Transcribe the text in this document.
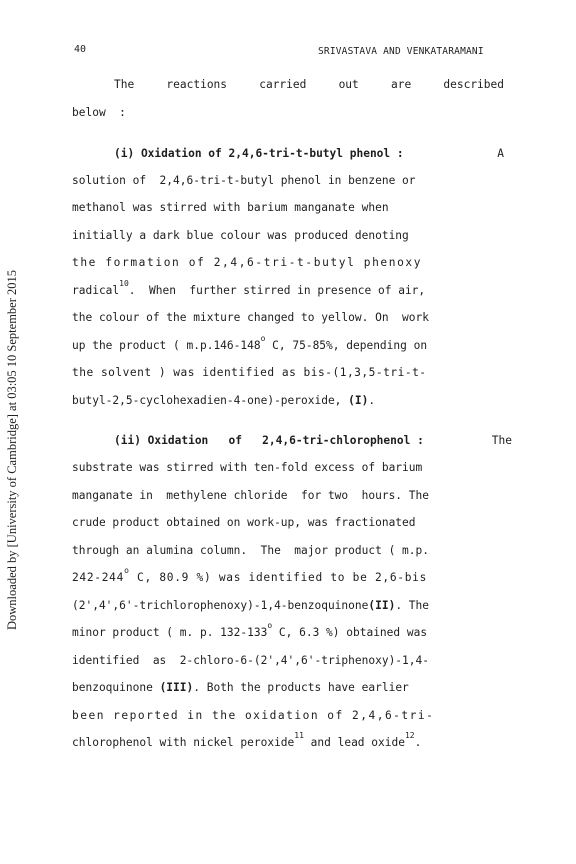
40	SRIVASTAVA AND VENKATARAMANI
Downloaded by [University of Cambridge] at 03:05 10 September 2015
The	reactions	carried	out	are	described
below  :
(i) Oxidation of 2,4,6-tri-t-butyl phenol :	A
solution of  2,4,6-tri-t-butyl phenol in benzene or
methanol was stirred with barium manganate when
initially a dark blue colour was produced denoting
the formation of 2,4,6-tri-t-butyl phenoxy
radical
10
.  When  further stirred in presence of air,
the colour of the mixture changed to yellow. On  work
up the product ( m.p.146-148
o
C, 75-85%, depending on
the solvent ) was identified as bis-(1,3,5-tri-t-
butyl-2,5-cyclohexadien-4-one)-peroxide, (I) .
(ii) Oxidation   of   2,4,6-tri-chlorophenol :	The
substrate was stirred with ten-fold excess of barium
manganate in  methylene chloride  for two  hours. The
crude product obtained on work-up, was fractionated
through an alumina column.  The  major product ( m.p.
242-244
o
C, 80.9 %) was identified to be 2,6-bis
(2',4',6'-trichlorophenoxy)-1,4-benzoquinone (II) . The
minor product ( m. p. 132-133
o
C, 6.3 %) obtained was
identified  as  2-chloro-6-(2',4',6'-triphenoxy)-1,4-
benzoquinone (III) . Both the products have earlier
been reported in the oxidation of 2,4,6-tri-
chlorophenol with nickel peroxide
11
and lead oxide
12
.
